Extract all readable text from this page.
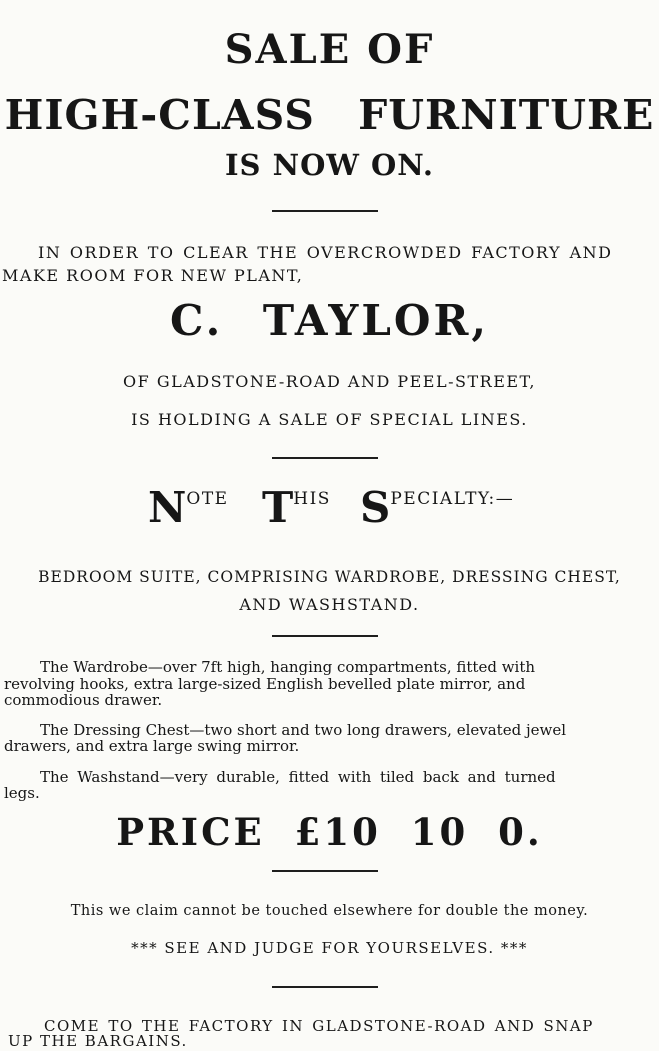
SALE OF
HIGH-CLASS FURNITURE
IS NOW ON.
IN ORDER TO CLEAR THE OVERCROWDED FACTORY AND
MAKE ROOM FOR NEW PLANT,
C. TAYLOR,
OF GLADSTONE-ROAD AND PEEL-STREET,
IS HOLDING A SALE OF SPECIAL LINES.
NOTE THIS SPECIALTY:—
BEDROOM SUITE, COMPRISING WARDROBE, DRESSING CHEST,
AND WASHSTAND.
The Wardrobe—over 7ft high, hanging compartments, fitted with
revolving hooks, extra large-sized English bevelled plate mirror, and
commodious drawer.
The Dressing Chest—two short and two long drawers, elevated jewel
drawers, and extra large swing mirror.
The Washstand—very durable, fitted with tiled back and turned
legs.
PRICE £10 10 0.
This we claim cannot be touched elsewhere for double the money.
*** SEE AND JUDGE FOR YOURSELVES. ***
COME TO THE FACTORY IN GLADSTONE-ROAD AND SNAP
UP THE BARGAINS.
